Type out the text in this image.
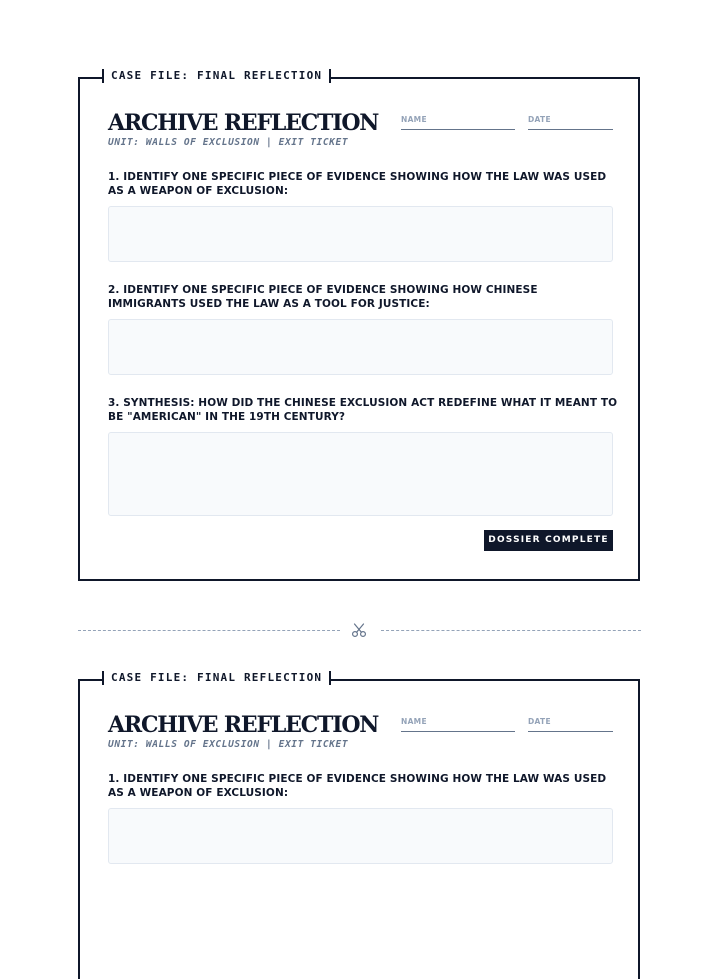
CASE FILE: FINAL REFLECTION
ARCHIVE REFLECTION
UNIT: WALLS OF EXCLUSION | EXIT TICKET
NAME	DATE
1. IDENTIFY ONE SPECIFIC PIECE OF EVIDENCE SHOWING HOW THE LAW WAS USED AS A WEAPON OF EXCLUSION:
2. IDENTIFY ONE SPECIFIC PIECE OF EVIDENCE SHOWING HOW CHINESE IMMIGRANTS USED THE LAW AS A TOOL FOR JUSTICE:
3. SYNTHESIS: HOW DID THE CHINESE EXCLUSION ACT REDEFINE WHAT IT MEANT TO BE "AMERICAN" IN THE 19TH CENTURY?
DOSSIER COMPLETE
CASE FILE: FINAL REFLECTION
ARCHIVE REFLECTION
UNIT: WALLS OF EXCLUSION | EXIT TICKET
NAME	DATE
1. IDENTIFY ONE SPECIFIC PIECE OF EVIDENCE SHOWING HOW THE LAW WAS USED AS A WEAPON OF EXCLUSION:
